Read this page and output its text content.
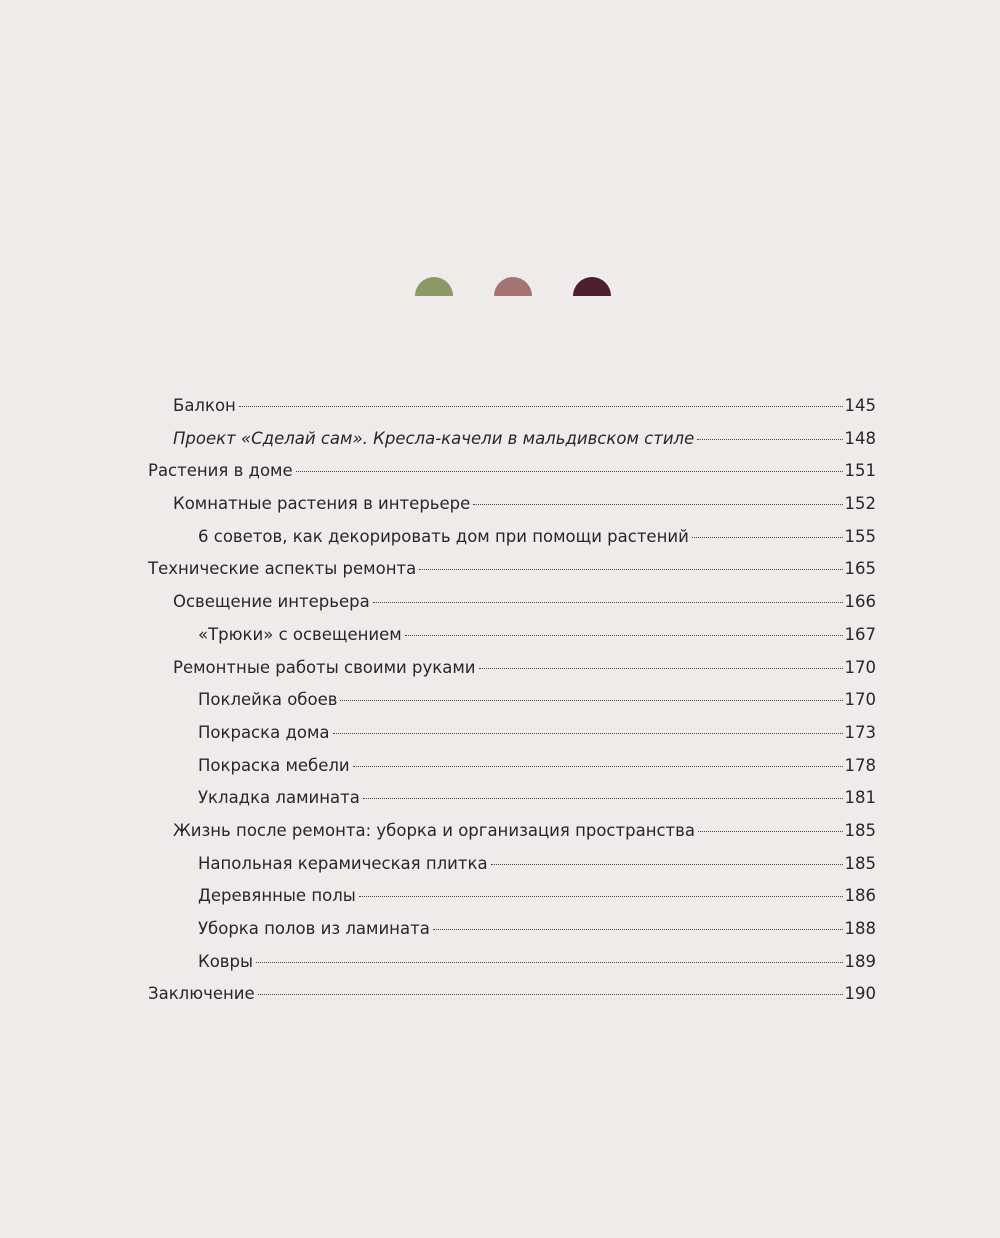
Балкон	145
Проект «Сделай сам». Кресла-качели в мальдивском стиле	148
Растения в доме	151
Комнатные растения в интерьере	152
6 советов, как декорировать дом при помощи растений	155
Технические аспекты ремонта	165
Освещение интерьера	166
«Трюки» с освещением	167
Ремонтные работы своими руками	170
Поклейка обоев	170
Покраска дома	173
Покраска мебели	178
Укладка ламината	181
Жизнь после ремонта: уборка и организация пространства	185
Напольная керамическая плитка	185
Деревянные полы	186
Уборка полов из ламината	188
Ковры	189
Заключение	190
